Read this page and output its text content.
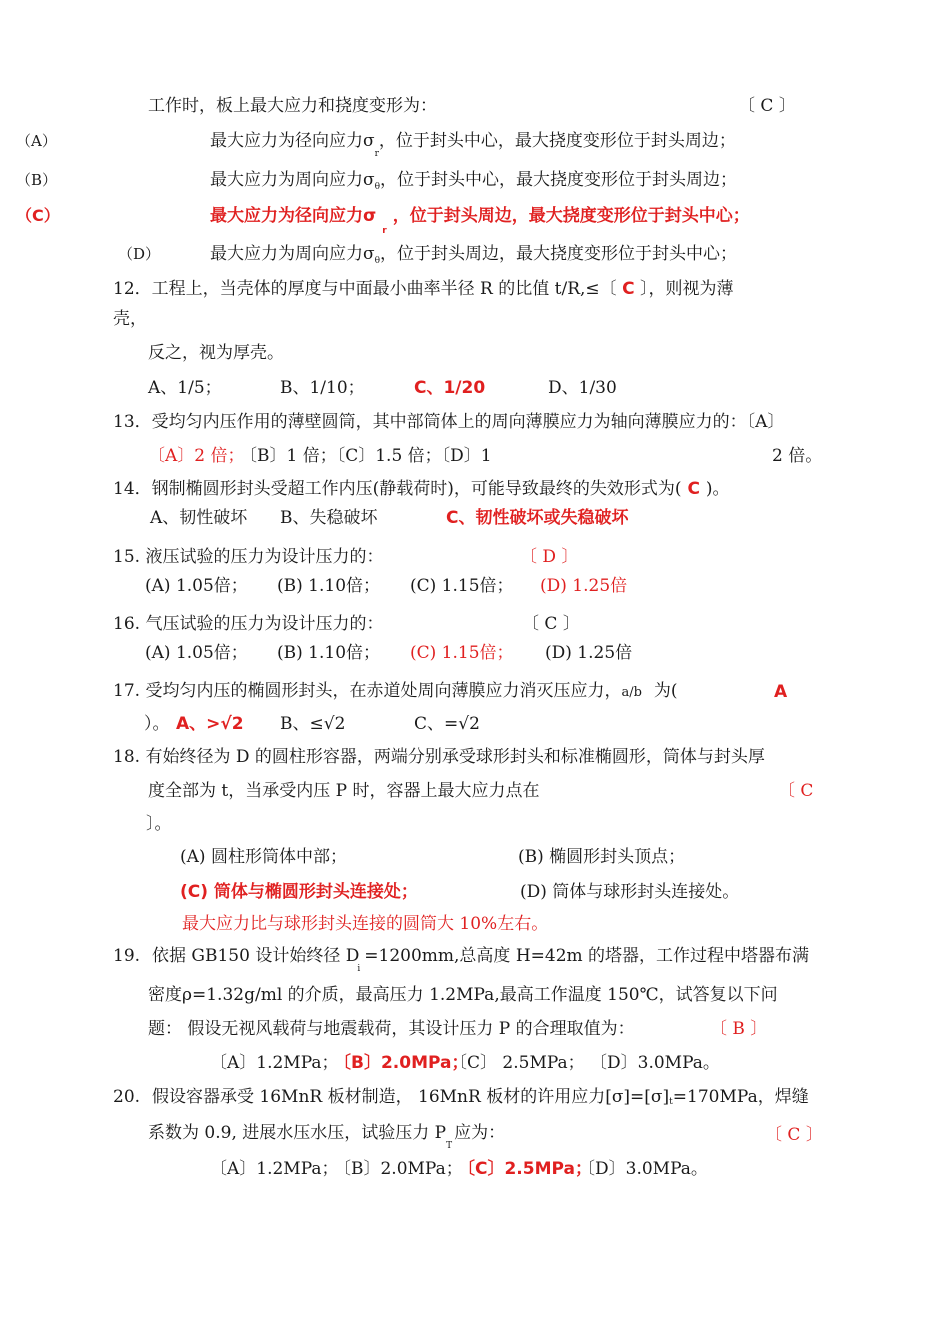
工作时，板上最大应力和挠度变形为：	〔 C 〕
（A）	最大应力为径向应力$\sigma_r$，位于封头中心，最大挠度变形位于封头周边；
（B）	最大应力为周向应力$\sigma_\theta$，位于封头中心，最大挠度变形位于封头周边；
（C）	最大应力为径向应力$\sigma_r$，位于封头周边，最大挠度变形位于封头中心；
（D）	最大应力为周向应力$\sigma_\theta$，位于封头周边，最大挠度变形位于封头中心；
12．工程上，当壳体的厚度与中面最小曲率半径 R 的比值 t/R,≤〔 C 〕，则视为薄
壳，
反之，视为厚壳。
A、1/5；	B、1/10；	C、1/20	D、1/30
13．受均匀内压作用的薄壁圆筒，其中部筒体上的周向薄膜应力为轴向薄膜应力的：〔A〕
〔A〕2 倍；
〔B〕1 倍；〔C〕1.5 倍；〔D〕1	2 倍。
14．钢制椭圆形封头受超工作内压(静载荷时)，可能导致最终的失效形式为( C )。
A、韧性破坏 B、失稳破坏	C、韧性破坏或失稳破坏
15. 液压试验的压力为设计压力的：	〔 D 〕
(A) 1.05倍； (B) 1.10倍； (C) 1.15倍； (D) 1.25倍
16. 气压试验的压力为设计压力的：	〔 C 〕
(A) 1.05倍； (B) 1.10倍； (C) 1.15倍； (D) 1.25倍
17. 受均匀内压的椭圆形封头，在赤道处周向薄膜应力消灭压应力，a/b 为(	A
）。 A、>√2 B、≤√2	C、=√2
18. 有始终径为 D 的圆柱形容器，两端分别承受球形封头和标准椭圆形，筒体与封头厚
度全部为 t，当承受内压 P 时，容器上最大应力点在	〔 C
〕。
(A) 圆柱形筒体中部；	(B) 椭圆形封头顶点；
(C) 筒体与椭圆形封头连接处；	(D) 筒体与球形封头连接处。
最大应力比与球形封头连接的圆筒大 10%左右。
19. 依据 GB150 设计始终径 $D_i=1200mm$,总高度 H=42m 的塔器，工作过程中塔器布满
密度ρ=1.32g/ml 的介质，最高压力 1.2MPa,最高工作温度 150℃，试答复以下问
题： 假设无视风载荷与地震载荷，其设计压力 P 的合理取值为：	〔 B 〕
〔A〕1.2MPa；
〔B〕2.0MPa；
〔C〕 2.5MPa； 〔D〕3.0MPa。
20. 假设容器承受 16MnR 板材制造， 16MnR 板材的许用应力[σ]=[σ]t=170MPa，焊缝
系数为 0.9, 进展水压水压，试验压力 $P_T$应为：	〔 C 〕
〔A〕1.2MPa；
〔B〕2.0MPa；
〔C〕2.5MPa；
〔D〕3.0MPa。
